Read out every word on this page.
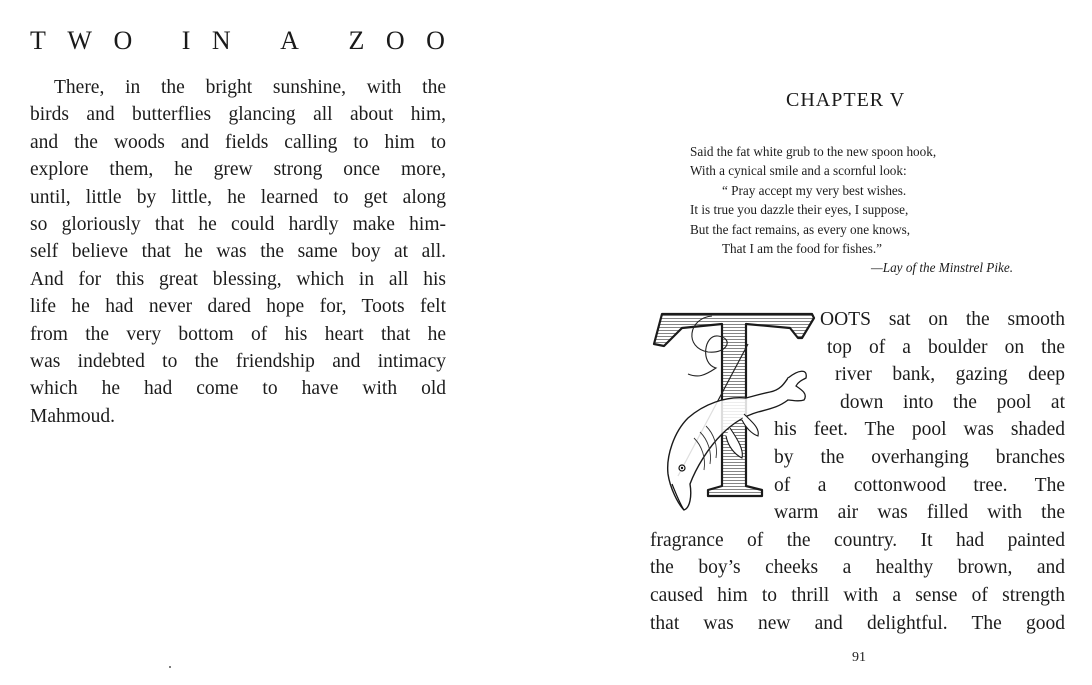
T W O
I N
A
Z O O
There, in the bright sunshine, with the
birds and butterflies glancing all about him,
and the woods and fields calling to him to
explore them, he grew strong once more,
until, little by little, he learned to get along
so gloriously that he could hardly make him-
self believe that he was the same boy at all.
And for this great blessing, which in all his
life he had never dared hope for, Toots felt
from the very bottom of his heart that he
was indebted to the friendship and intimacy
which he had come to have with old
Mahmoud.
CHAPTER V
Said the fat white grub to the new spoon hook,
With a cynical smile and a scornful look:
“ Pray accept my very best wishes.
It is true you dazzle their eyes, I suppose,
But the fact remains, as every one knows,
That I am the food for fishes.”
—Lay of the Minstrel Pike.
OOTS sat on the smooth
top of a boulder on the
river bank, gazing deep
down into the pool at
his feet. The pool was shaded
by the overhanging branches
of a cottonwood tree. The
warm air was filled with the
fragrance of the country. It had painted
the boy’s cheeks a healthy brown, and
caused him to thrill with a sense of strength
that was new and delightful. The good
91
